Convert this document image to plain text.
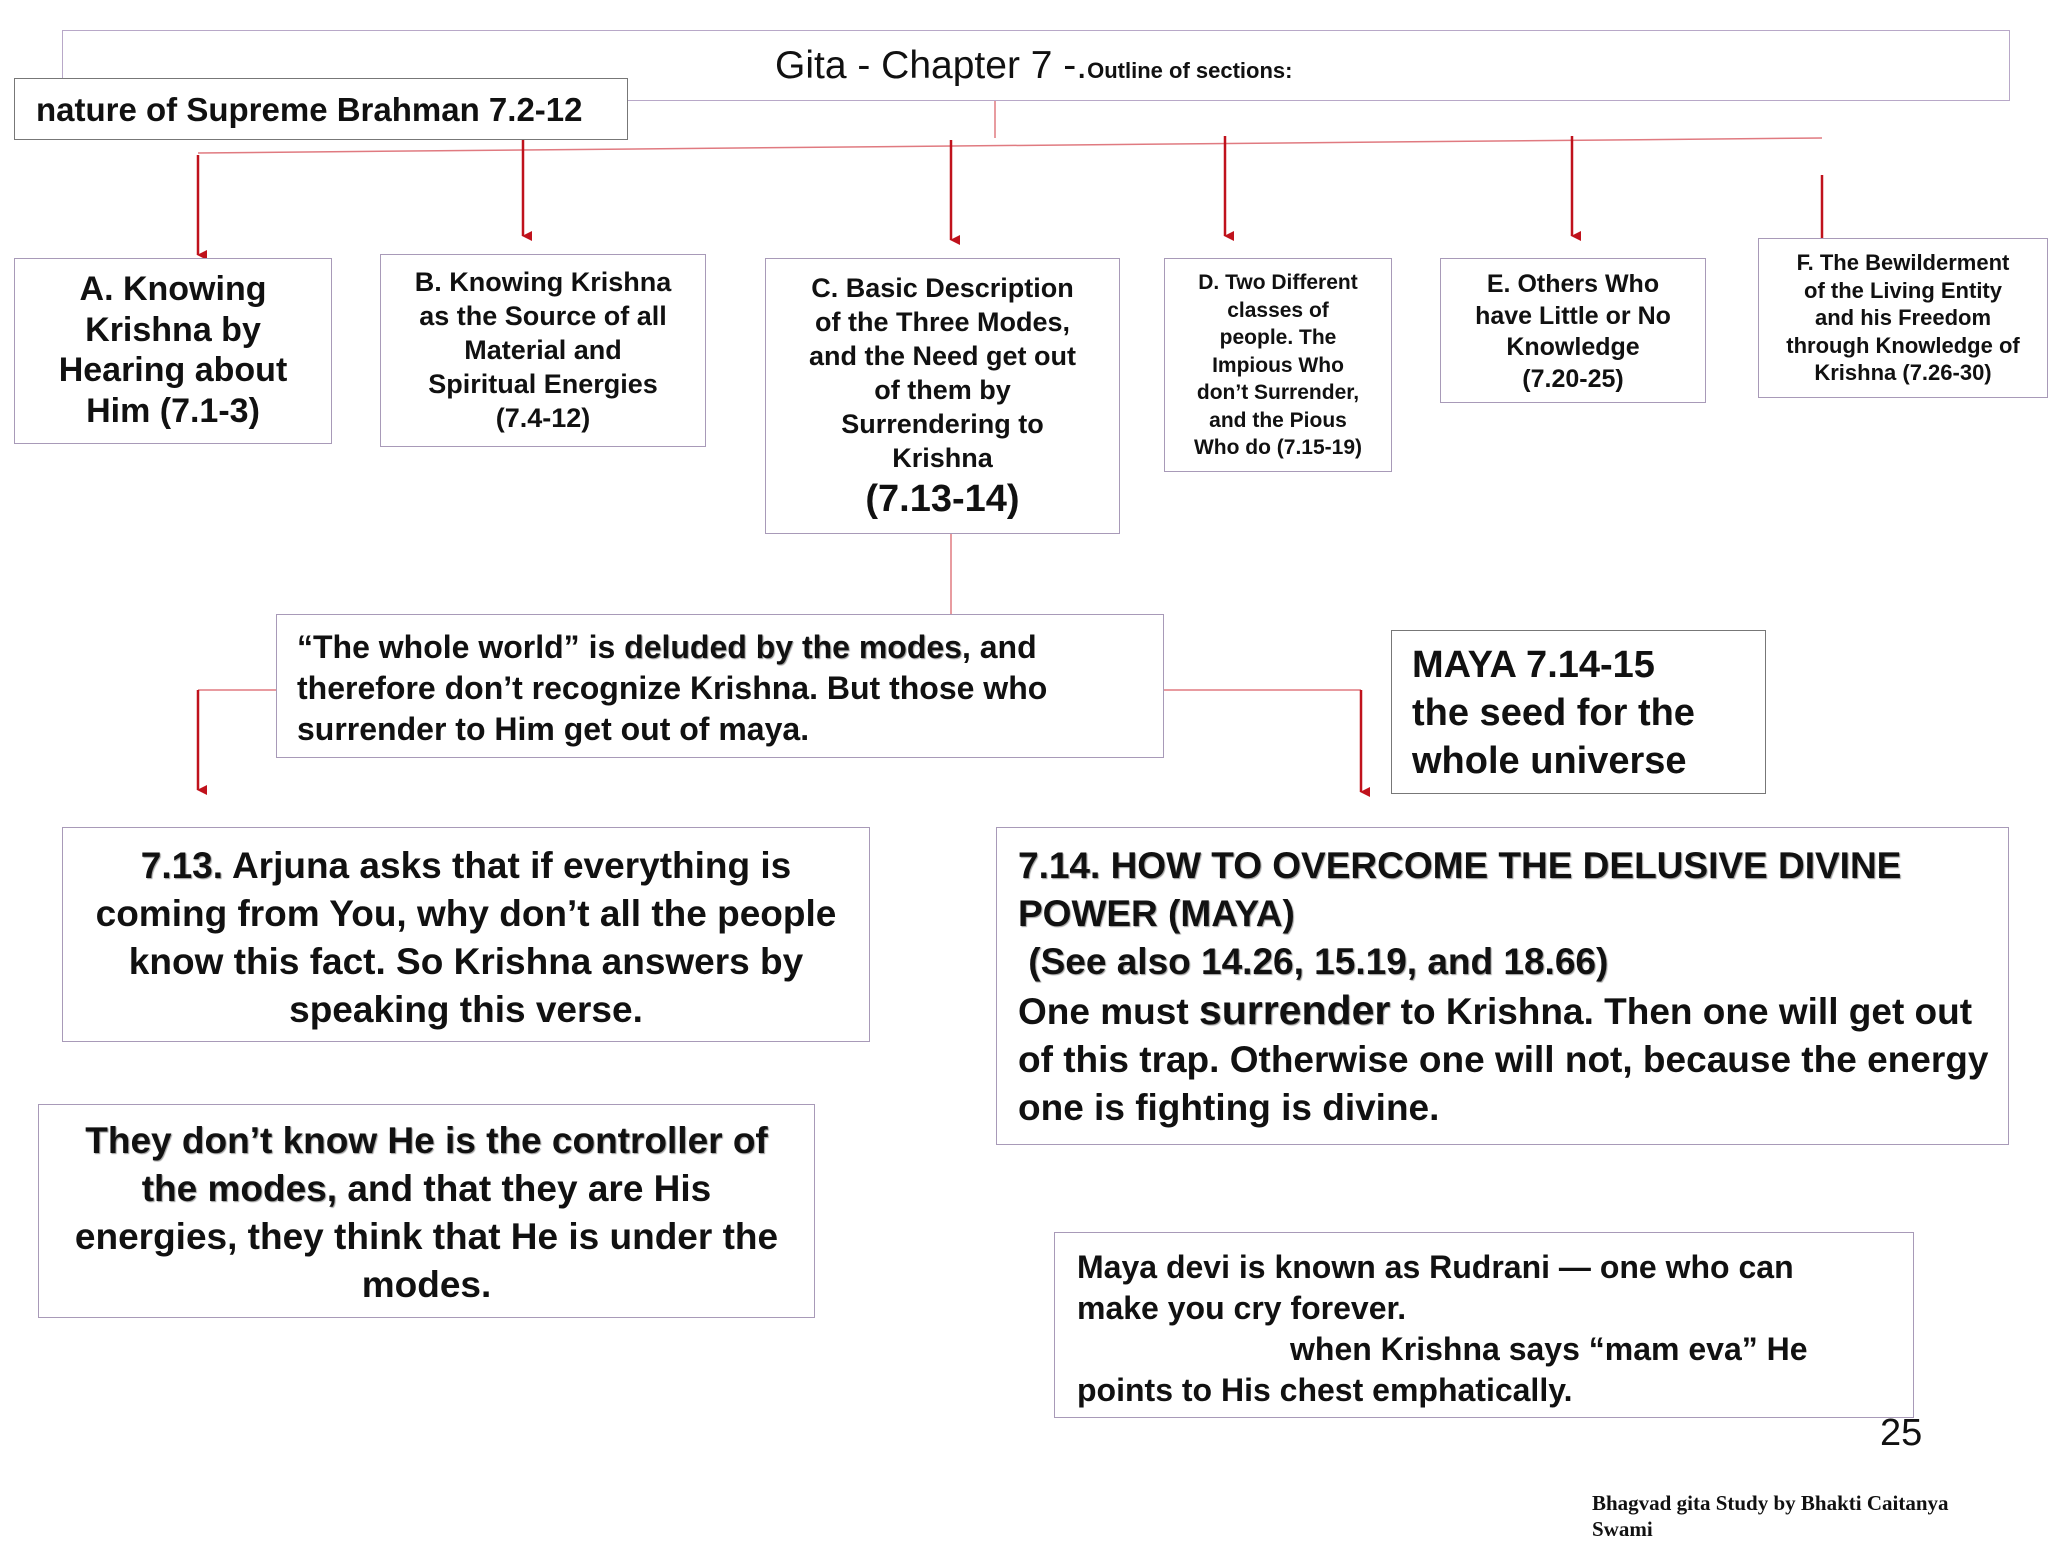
Gita - Chapter 7 -.Outline of sections:
nature of Supreme Brahman 7.2-12
A. Knowing
Krishna by
Hearing about
Him (7.1-3)
B. Knowing Krishna
as the Source of all
Material and
Spiritual Energies
(7.4-12)
C. Basic Description
of the Three Modes,
and the Need get out
of them by
Surrendering to
Krishna
(7.13-14)
D. Two Different
classes of
people. The
Impious Who
don’t Surrender,
and the Pious
Who do (7.15-19)
E. Others Who
have Little or No
Knowledge
(7.20-25)
F. The Bewilderment
of the Living Entity
and his Freedom
through Knowledge of
Krishna (7.26-30)
“The whole world” is deluded by the modes, and therefore don’t recognize Krishna. But those who surrender to Him get out of maya.
MAYA 7.14-15
the seed for the
whole universe
7.13. Arjuna asks that if everything is coming from You, why don’t all the people know this fact. So Krishna answers by speaking this verse.
7.14. HOW TO OVERCOME THE DELUSIVE DIVINE POWER (MAYA)
(See also 14.26, 15.19, and 18.66)
One must surrender to Krishna. Then one will get out of this trap. Otherwise one will not, because the energy one is fighting is divine.
They don’t know He is the controller of the modes, and that they are His energies, they think that He is under the modes.	Maya devi is known as Rudrani — one who can
make you cry forever.
when Krishna says “mam eva” He
points to His chest emphatically.
25
Bhagvad gita Study by Bhakti Caitanya
Swami
